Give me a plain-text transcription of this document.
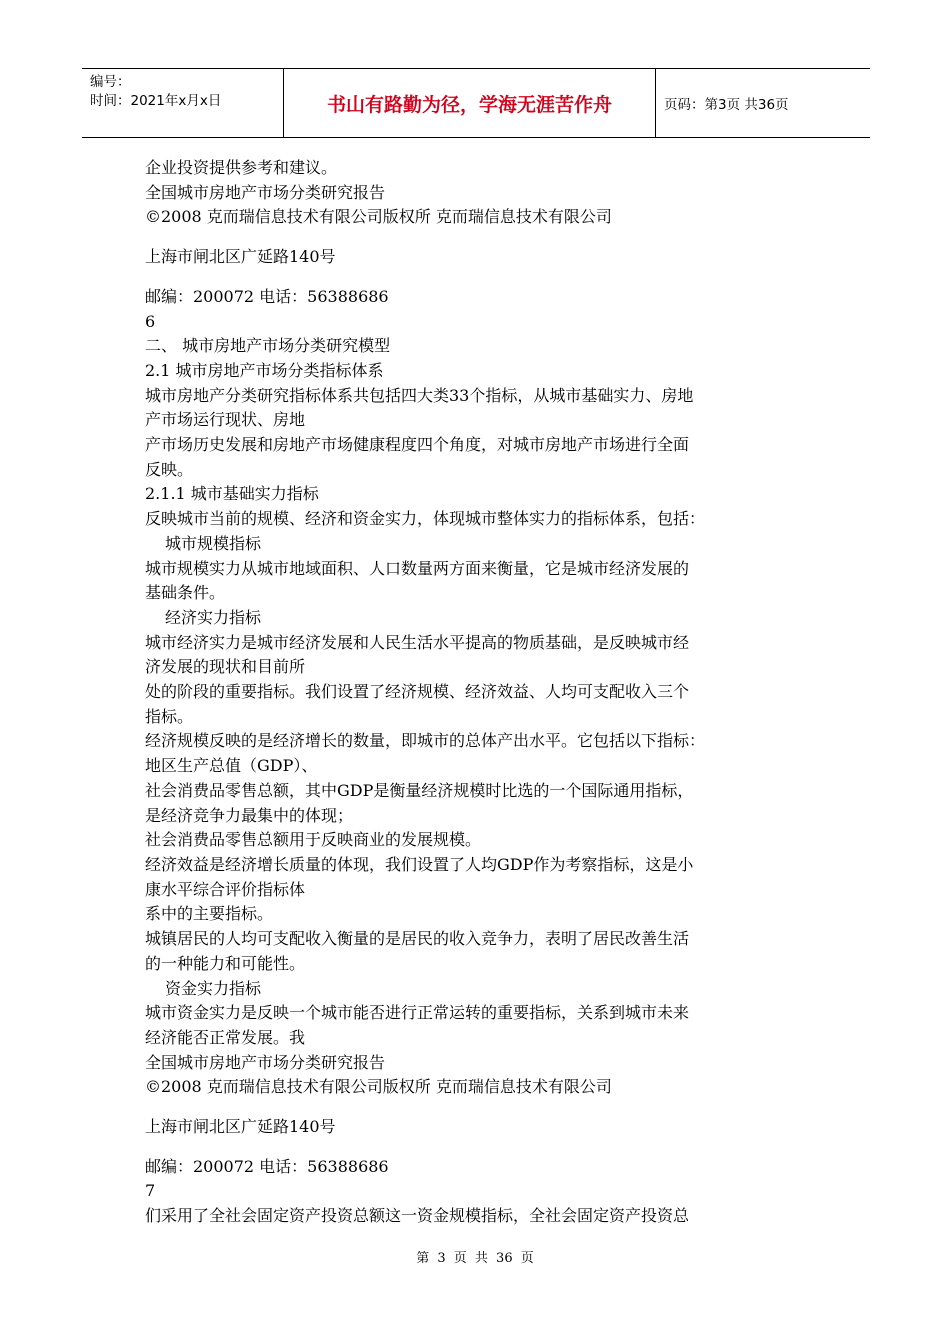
编号：
时间：2021年x月x日	书山有路勤为径，学海无涯苦作舟	页码：第3页 共36页
企业投资提供参考和建议。
全国城市房地产市场分类研究报告
©2008 克而瑞信息技术有限公司版权所 克而瑞信息技术有限公司
上海市闸北区广延路140号
邮编：200072 电话：56388686
6
二、 城市房地产市场分类研究模型
2.1 城市房地产市场分类指标体系
城市房地产分类研究指标体系共包括四大类33个指标，从城市基础实力、房地
产市场运行现状、房地
产市场历史发展和房地产市场健康程度四个角度，对城市房地产市场进行全面
反映。
2.1.1 城市基础实力指标
反映城市当前的规模、经济和资金实力，体现城市整体实力的指标体系，包括：
城市规模指标
城市规模实力从城市地域面积、人口数量两方面来衡量，它是城市经济发展的
基础条件。
经济实力指标
城市经济实力是城市经济发展和人民生活水平提高的物质基础，是反映城市经
济发展的现状和目前所
处的阶段的重要指标。我们设置了经济规模、经济效益、人均可支配收入三个
指标。
经济规模反映的是经济增长的数量，即城市的总体产出水平。它包括以下指标：
地区生产总值（GDP）、
社会消费品零售总额，其中GDP是衡量经济规模时比选的一个国际通用指标，
是经济竞争力最集中的体现；
社会消费品零售总额用于反映商业的发展规模。
经济效益是经济增长质量的体现，我们设置了人均GDP作为考察指标，这是小
康水平综合评价指标体
系中的主要指标。
城镇居民的人均可支配收入衡量的是居民的收入竞争力，表明了居民改善生活
的一种能力和可能性。
资金实力指标
城市资金实力是反映一个城市能否进行正常运转的重要指标，关系到城市未来
经济能否正常发展。我
全国城市房地产市场分类研究报告
©2008 克而瑞信息技术有限公司版权所 克而瑞信息技术有限公司
上海市闸北区广延路140号
邮编：200072 电话：56388686
7
们采用了全社会固定资产投资总额这一资金规模指标，全社会固定资产投资总
第 3 页 共 36 页
